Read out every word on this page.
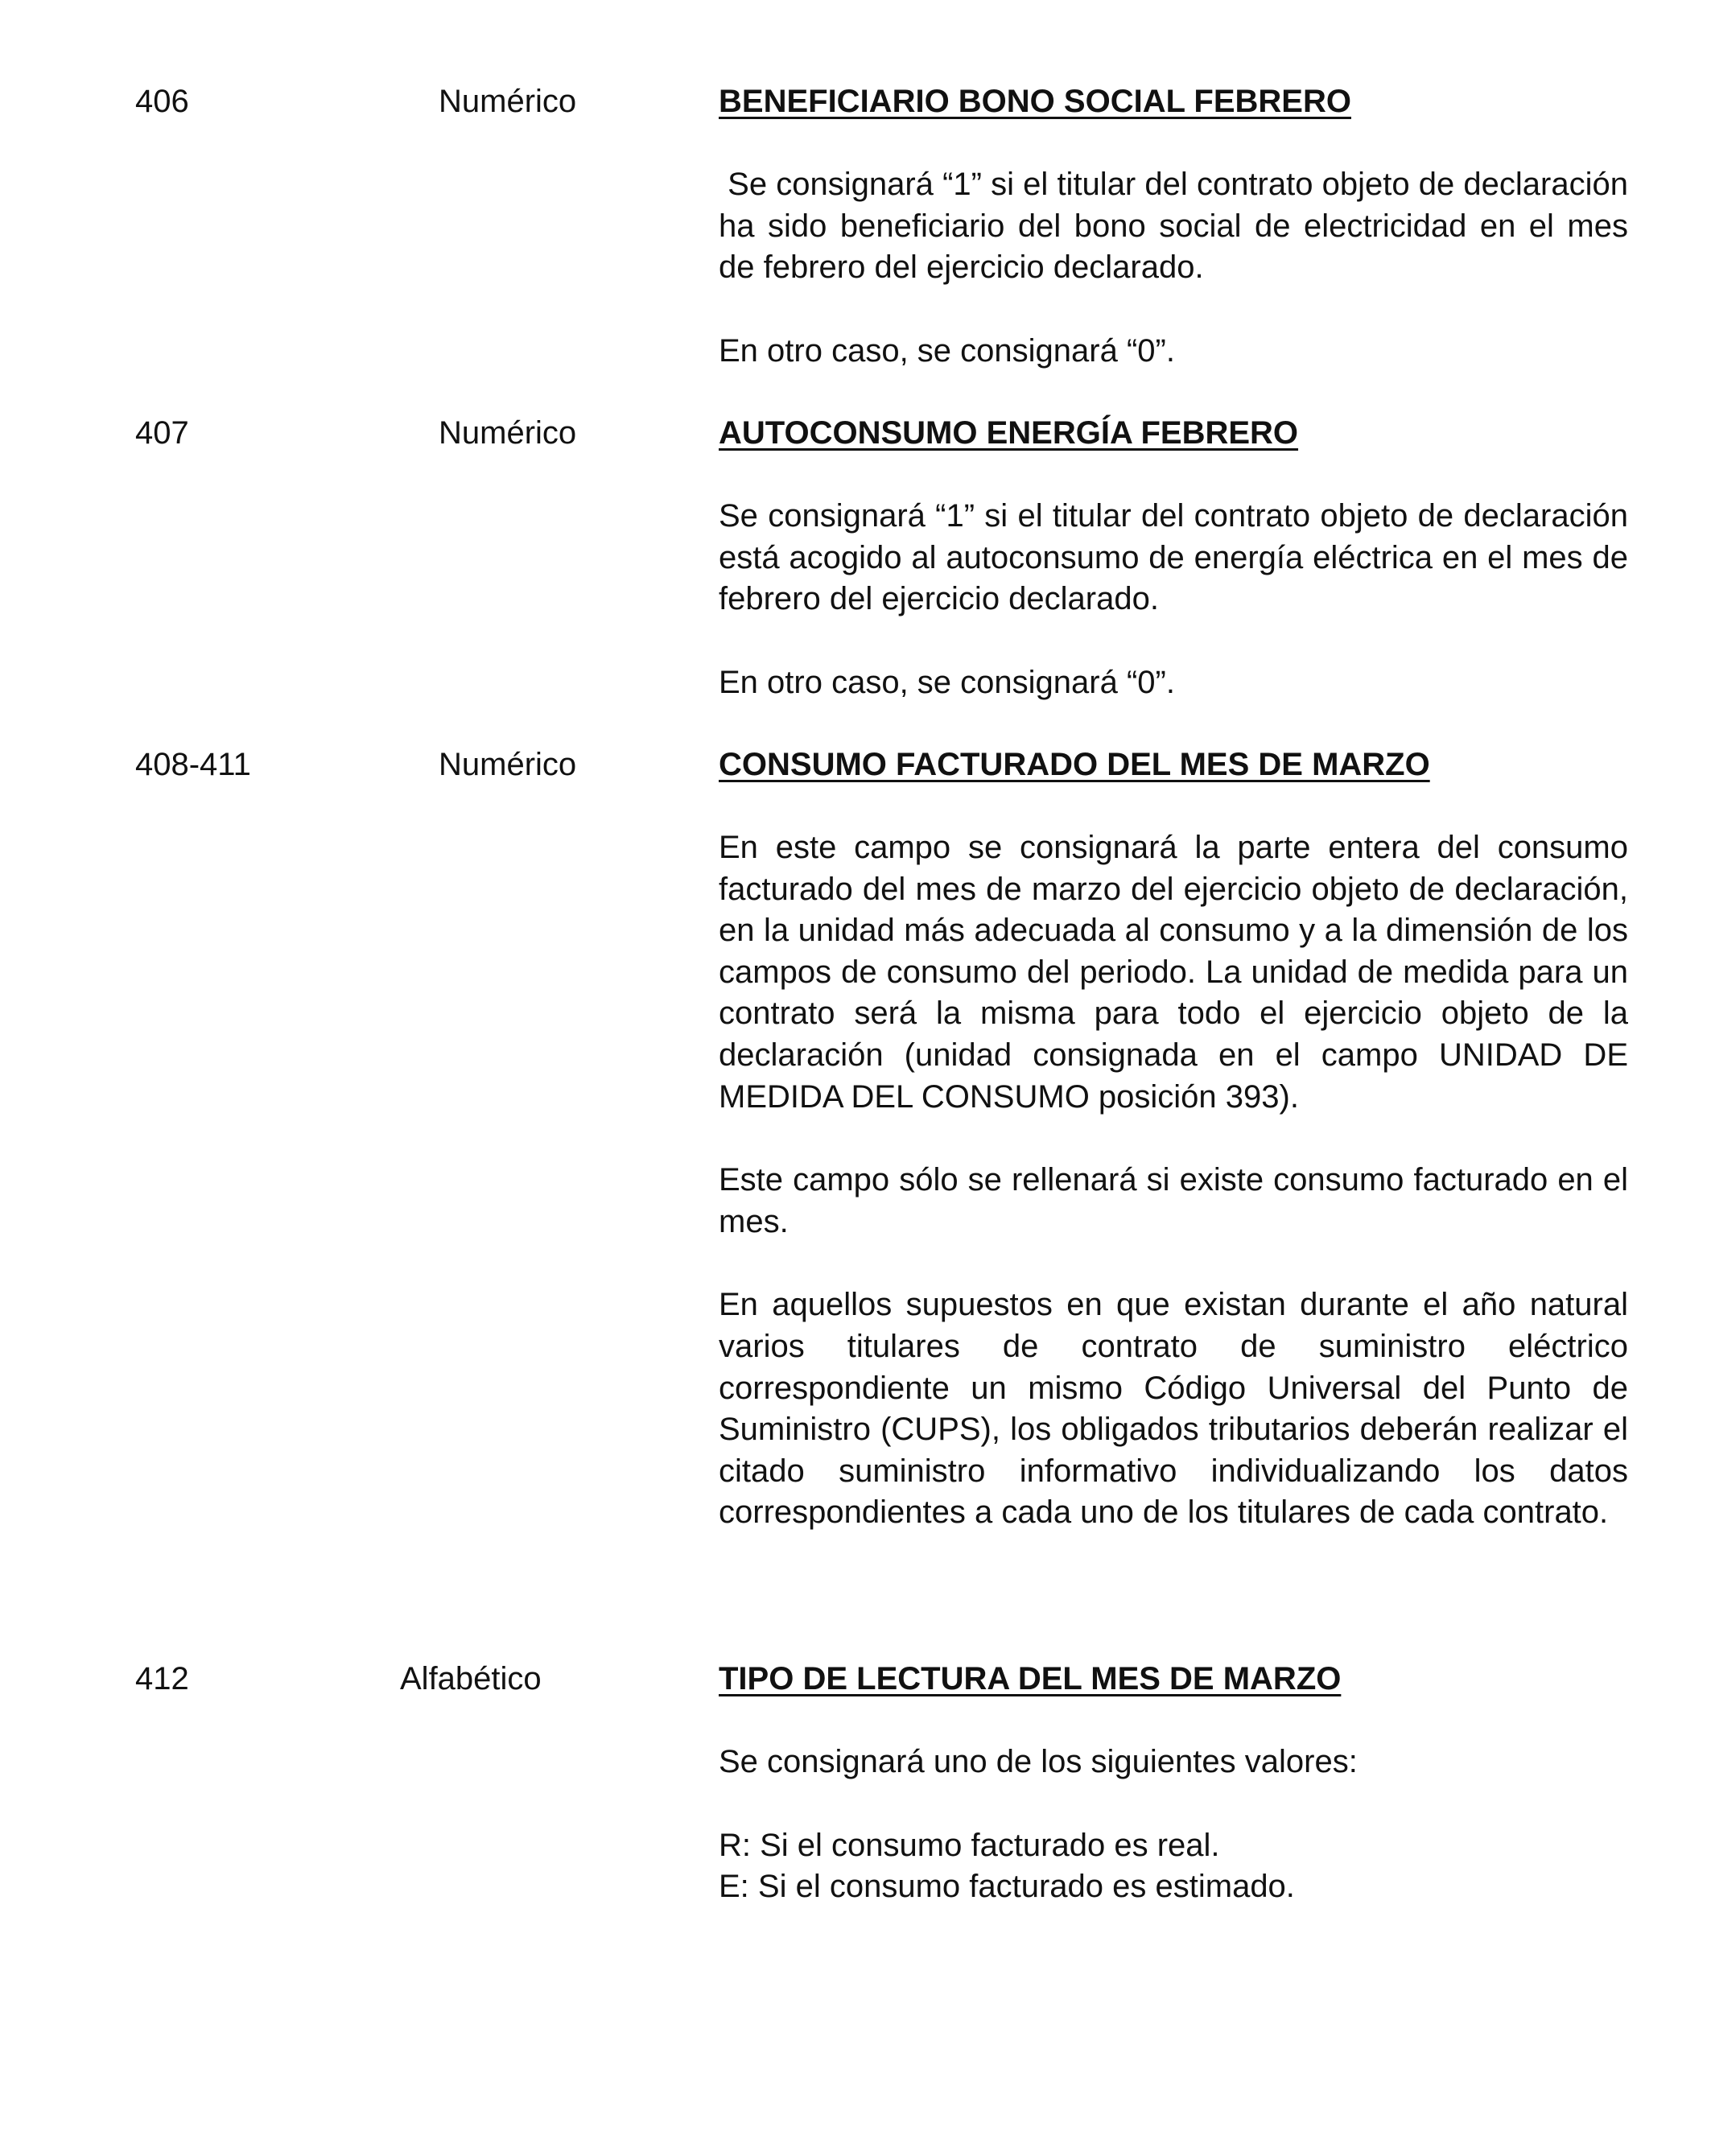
406	Numérico	BENEFICIARIO BONO SOCIAL FEBRERO
Se consignará “1” si el titular del contrato objeto de declaración ha sido beneficiario del bono social de electricidad en el mes de febrero del ejercicio declarado.
En otro caso, se consignará “0”.
407	Numérico	AUTOCONSUMO ENERGÍA FEBRERO
Se consignará “1” si el titular del contrato objeto de declaración está acogido al autoconsumo de energía eléctrica en el mes de febrero del ejercicio declarado.
En otro caso, se consignará “0”.
408-411	Numérico	CONSUMO FACTURADO DEL MES DE MARZO
En este campo se consignará la parte entera del consumo facturado del mes de marzo del ejercicio objeto de declaración, en la unidad más adecuada al consumo y a la dimensión de los campos de consumo del periodo. La unidad de medida para un contrato será la misma para todo el ejercicio objeto de la declaración (unidad consignada en el campo UNIDAD DE MEDIDA DEL CONSUMO posición 393).
Este campo sólo se rellenará si existe consumo facturado en el mes.
En aquellos supuestos en que existan durante el año natural varios titulares de contrato de suministro eléctrico correspondiente un mismo Código Universal del Punto de Suministro (CUPS), los obligados tributarios deberán realizar el citado suministro informativo individualizando los datos correspondientes a cada uno de los titulares de cada contrato.
412	Alfabético	TIPO DE LECTURA DEL MES DE MARZO
Se consignará uno de los siguientes valores:
R: Si el consumo facturado es real.
E: Si el consumo facturado es estimado.
